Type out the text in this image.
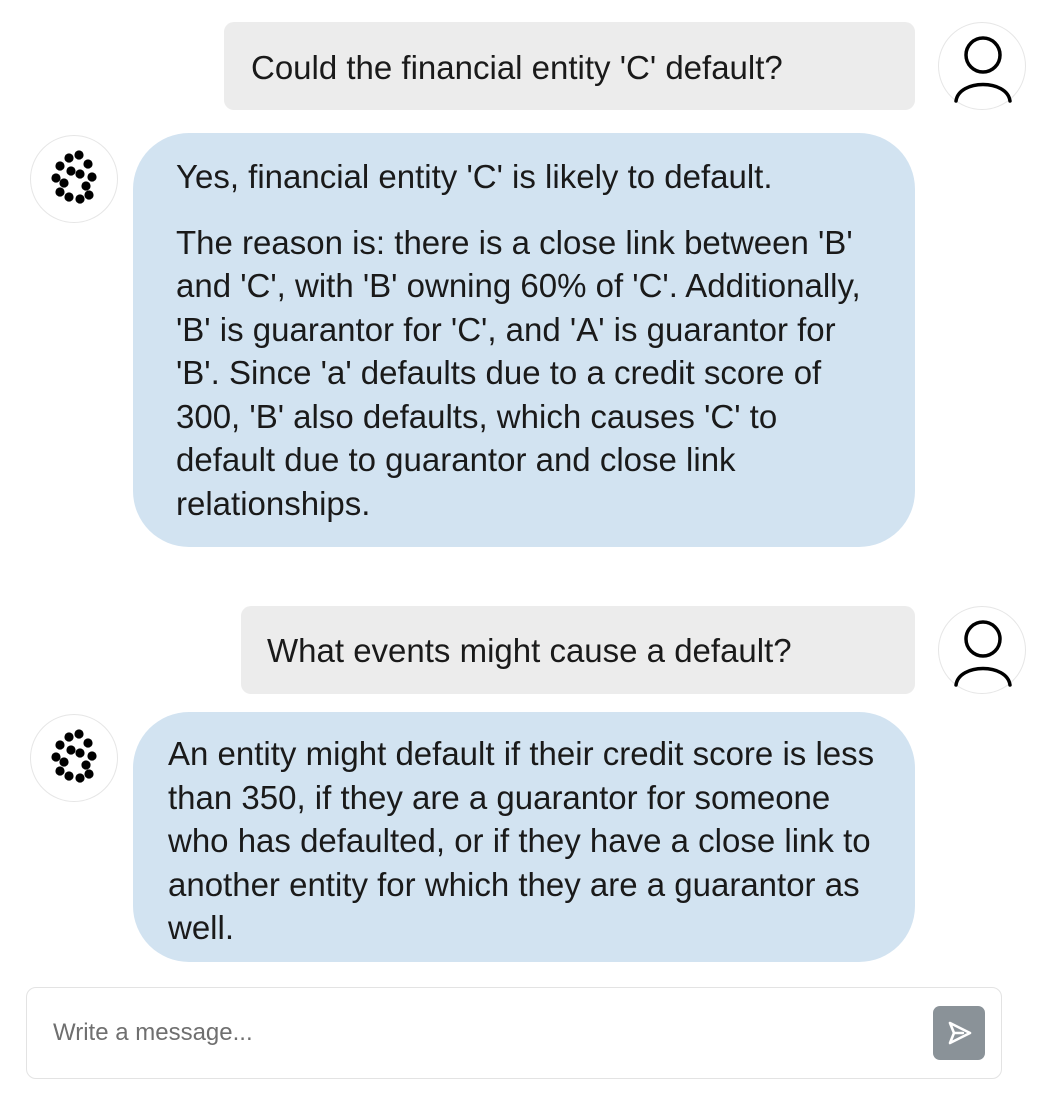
Could the financial entity 'C' default?

Yes, financial entity 'C' is likely to default.

The reason is: there is a close link between 'B' and 'C', with 'B' owning 60% of 'C'. Additionally, 'B' is guarantor for 'C', and 'A' is guarantor for 'B'. Since 'a' defaults due to a credit score of 300, 'B' also defaults, which causes 'C' to default due to guarantor and close link relationships.

What events might cause a default?

An entity might default if their credit score is less than 350, if they are a guarantor for someone who has defaulted, or if they have a close link to another entity for which they are a guarantor as well.

Write a message...
